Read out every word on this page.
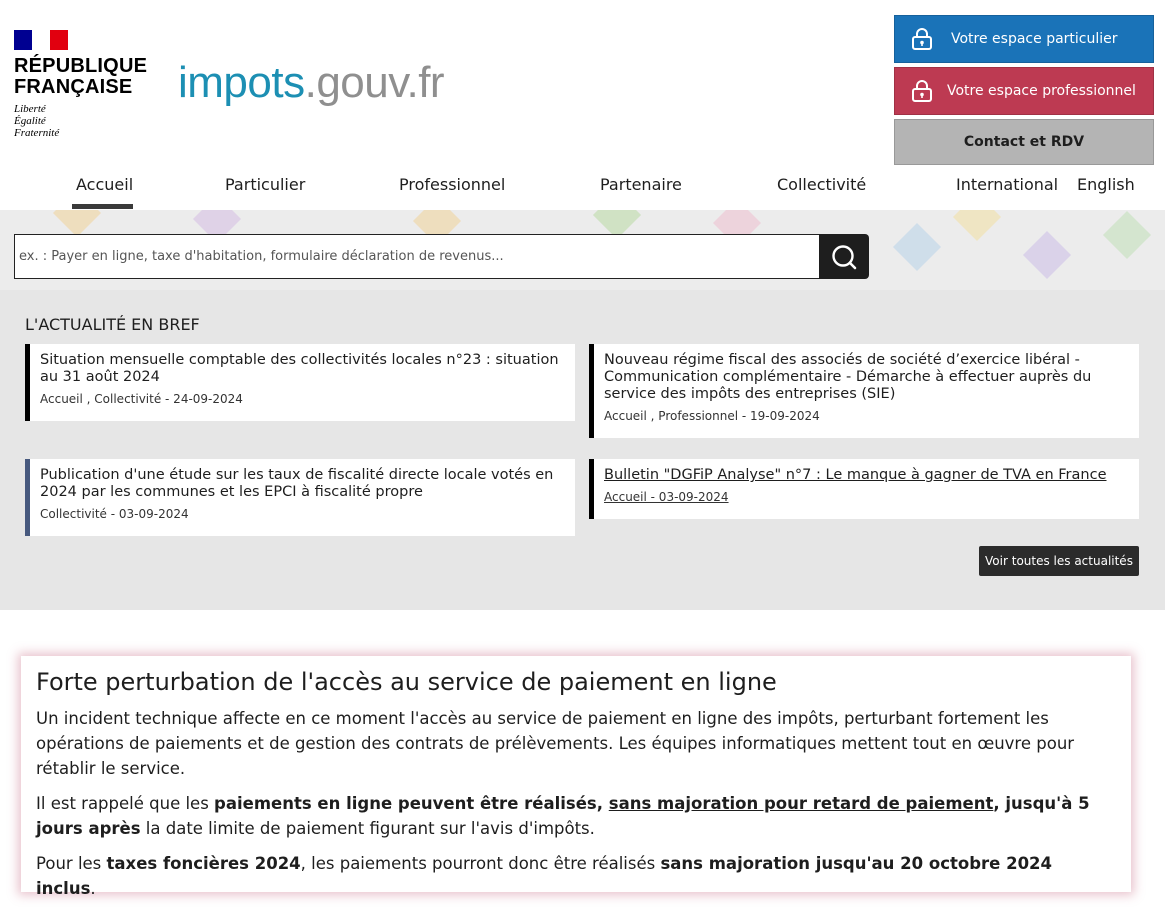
RÉPUBLIQUE
FRANÇAISE
Liberté
Égalité
Fraternité
impots.gouv.fr
Votre espace particulier
Votre espace professionnel
Contact et RDV
Accueil	Particulier	Professionnel	Partenaire	Collectivité	International English
ex. : Payer en ligne, taxe d'habitation, formulaire déclaration de revenus...
L'ACTUALITÉ EN BREF
Situation mensuelle comptable des collectivités locales n°23 : situation au 31 août 2024
Accueil , Collectivité - 24-09-2024
Nouveau régime fiscal des associés de société d’exercice libéral - Communication complémentaire - Démarche à effectuer auprès du service des impôts des entreprises (SIE)
Accueil , Professionnel - 19-09-2024
Publication d'une étude sur les taux de fiscalité directe locale votés en 2024 par les communes et les EPCI à fiscalité propre
Collectivité - 03-09-2024
Bulletin "DGFiP Analyse" n°7 : Le manque à gagner de TVA en France
Accueil - 03-09-2024
Voir toutes les actualités
Forte perturbation de l'accès au service de paiement en ligne

Un incident technique affecte en ce moment l'accès au service de paiement en ligne des impôts, perturbant fortement les opérations de paiements et de gestion des contrats de prélèvements. Les équipes informatiques mettent tout en œuvre pour rétablir le service.

Il est rappelé que les paiements en ligne peuvent être réalisés, sans majoration pour retard de paiement, jusqu'à 5 jours après la date limite de paiement figurant sur l'avis d'impôts.

Pour les taxes foncières 2024, les paiements pourront donc être réalisés sans majoration jusqu'au 20 octobre 2024 inclus.
